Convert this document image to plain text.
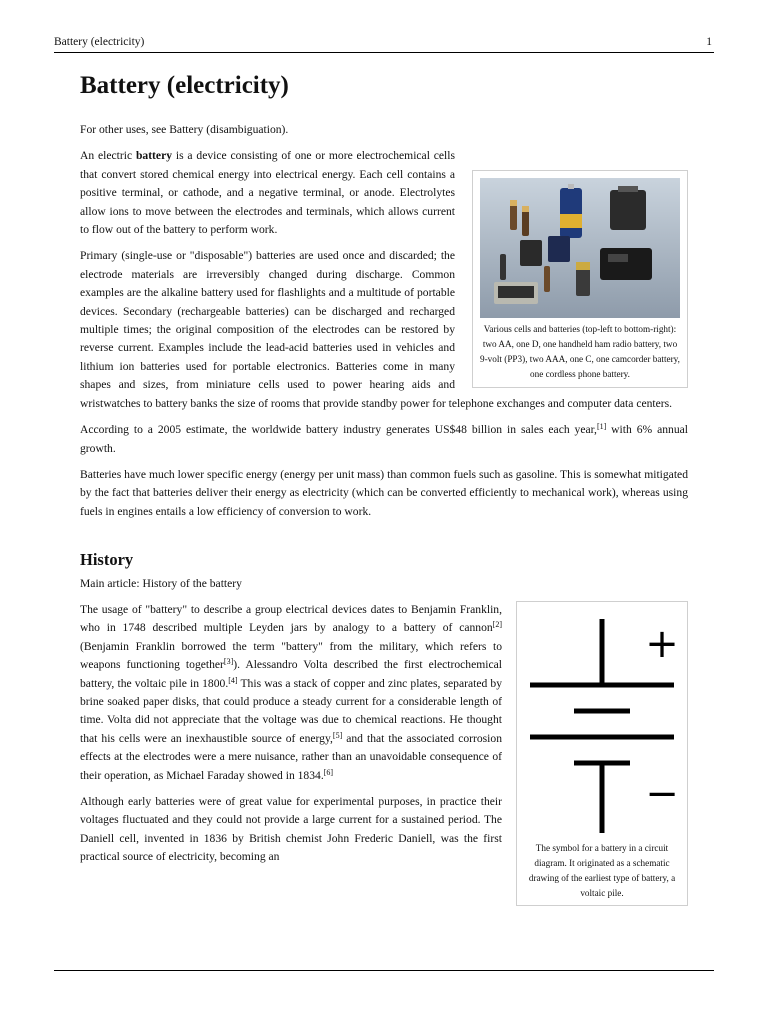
Battery (electricity)	1
Battery (electricity)

For other uses, see Battery (disambiguation).

Various cells and batteries (top-left to bottom-right): two AA, one D, one handheld ham radio battery, two 9-volt (PP3), two AAA, one C, one camcorder battery, one cordless phone battery.

An electric battery is a device consisting of one or more electrochemical cells that convert stored chemical energy into electrical energy. Each cell contains a positive terminal, or cathode, and a negative terminal, or anode. Electrolytes allow ions to move between the electrodes and terminals, which allows current to flow out of the battery to perform work.

Primary (single-use or "disposable") batteries are used once and discarded; the electrode materials are irreversibly changed during discharge. Common examples are the alkaline battery used for flashlights and a multitude of portable devices. Secondary (rechargeable batteries) can be discharged and recharged multiple times; the original composition of the electrodes can be restored by reverse current. Examples include the lead-acid batteries used in vehicles and lithium ion batteries used for portable electronics. Batteries come in many shapes and sizes, from miniature cells used to power hearing aids and wristwatches to battery banks the size of rooms that provide standby power for telephone exchanges and computer data centers.

According to a 2005 estimate, the worldwide battery industry generates US$48 billion in sales each year,[1] with 6% annual growth.

Batteries have much lower specific energy (energy per unit mass) than common fuels such as gasoline. This is somewhat mitigated by the fact that batteries deliver their energy as electricity (which can be converted efficiently to mechanical work), whereas using fuels in engines entails a low efficiency of conversion to work.

History

Main article: History of the battery

+
−
The symbol for a battery in a circuit diagram. It originated as a schematic drawing of the earliest type of battery, a voltaic pile.

The usage of "battery" to describe a group electrical devices dates to Benjamin Franklin, who in 1748 described multiple Leyden jars by analogy to a battery of cannon[2] (Benjamin Franklin borrowed the term "battery" from the military, which refers to weapons functioning together[3]). Alessandro Volta described the first electrochemical battery, the voltaic pile in 1800.[4] This was a stack of copper and zinc plates, separated by brine soaked paper disks, that could produce a steady current for a considerable length of time. Volta did not appreciate that the voltage was due to chemical reactions. He thought that his cells were an inexhaustible source of energy,[5] and that the associated corrosion effects at the electrodes were a mere nuisance, rather than an unavoidable consequence of their operation, as Michael Faraday showed in 1834.[6]

Although early batteries were of great value for experimental purposes, in practice their voltages fluctuated and they could not provide a large current for a sustained period. The Daniell cell, invented in 1836 by British chemist John Frederic Daniell, was the first practical source of electricity, becoming an
